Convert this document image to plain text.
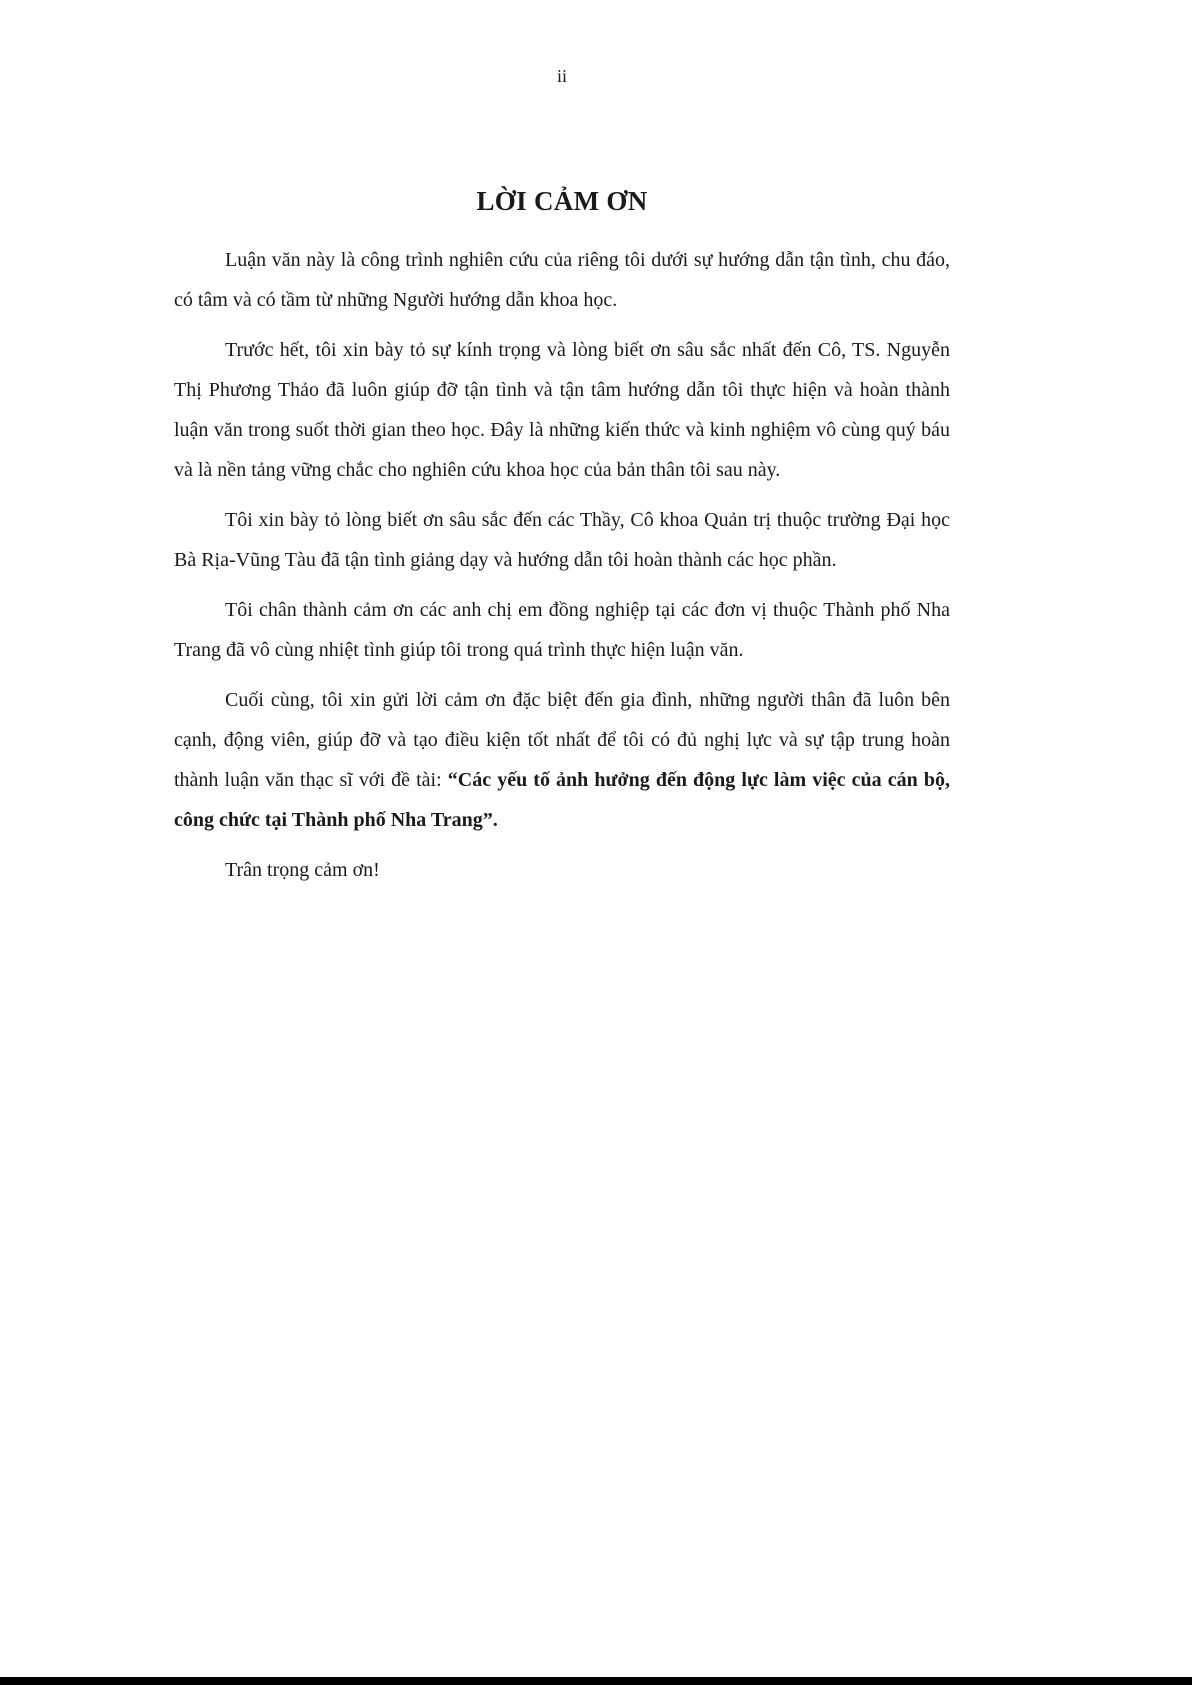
ii
LỜI CẢM ƠN

Luận văn này là công trình nghiên cứu của riêng tôi dưới sự hướng dẫn tận tình, chu đáo, có tâm và có tầm từ những Người hướng dẫn khoa học.

Trước hết, tôi xin bày tỏ sự kính trọng và lòng biết ơn sâu sắc nhất đến Cô, TS. Nguyễn Thị Phương Thảo đã luôn giúp đỡ tận tình và tận tâm hướng dẫn tôi thực hiện và hoàn thành luận văn trong suốt thời gian theo học. Đây là những kiến thức và kinh nghiệm vô cùng quý báu và là nền tảng vững chắc cho nghiên cứu khoa học của bản thân tôi sau này.

Tôi xin bày tỏ lòng biết ơn sâu sắc đến các Thầy, Cô khoa Quản trị thuộc trường Đại học Bà Rịa-Vũng Tàu đã tận tình giảng dạy và hướng dẫn tôi hoàn thành các học phần.

Tôi chân thành cảm ơn các anh chị em đồng nghiệp tại các đơn vị thuộc Thành phố Nha Trang đã vô cùng nhiệt tình giúp tôi trong quá trình thực hiện luận văn.

Cuối cùng, tôi xin gửi lời cảm ơn đặc biệt đến gia đình, những người thân đã luôn bên cạnh, động viên, giúp đỡ và tạo điều kiện tốt nhất để tôi có đủ nghị lực và sự tập trung hoàn thành luận văn thạc sĩ với đề tài: “Các yếu tố ảnh hưởng đến động lực làm việc của cán bộ, công chức tại Thành phố Nha Trang”.

Trân trọng cảm ơn!
